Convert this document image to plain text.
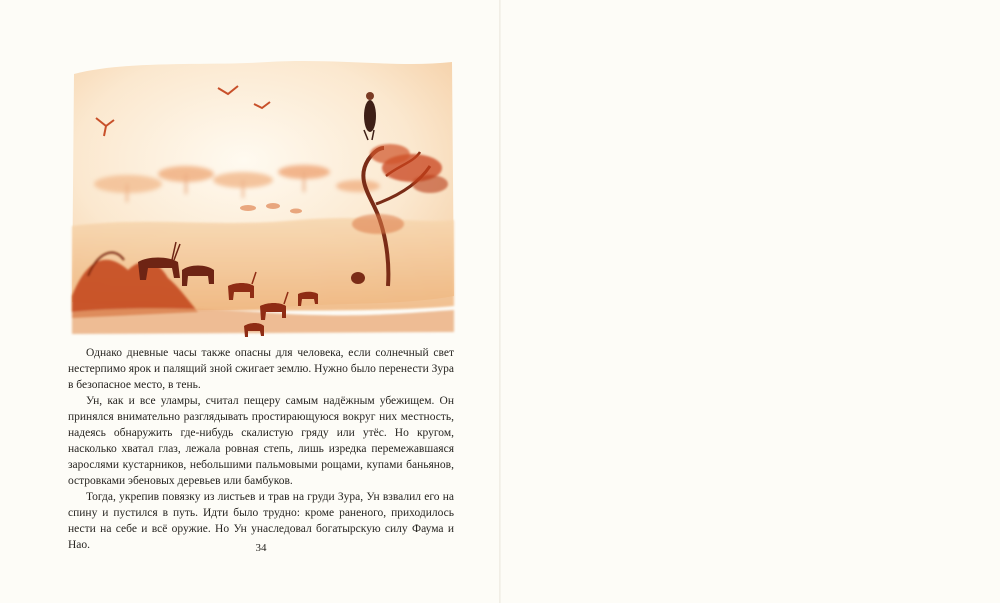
Однако дневные часы также опасны для человека, если солнечный свет нестерпимо ярок и палящий зной сжигает землю. Нужно было перенести Зура в безопасное место, в тень.

Ун, как и все уламры, считал пещеру самым надёжным убежищем. Он принялся внимательно разглядывать простирающуюся вокруг них местность, надеясь обнаружить где-нибудь скалистую гряду или утёс. Но кругом, насколько хватал глаз, лежала ровная степь, лишь изредка перемежавшаяся зарослями кустарников, небольшими пальмовыми рощами, купами баньянов, островками эбеновых деревьев или бамбуков.

Тогда, укрепив повязку из листьев и трав на груди Зура, Ун взвалил его на спину и пустился в путь. Идти было трудно: кроме раненого, приходилось нести на себе и всё оружие. Но Ун унаследовал богатырскую силу Фаума и Нао.	34
